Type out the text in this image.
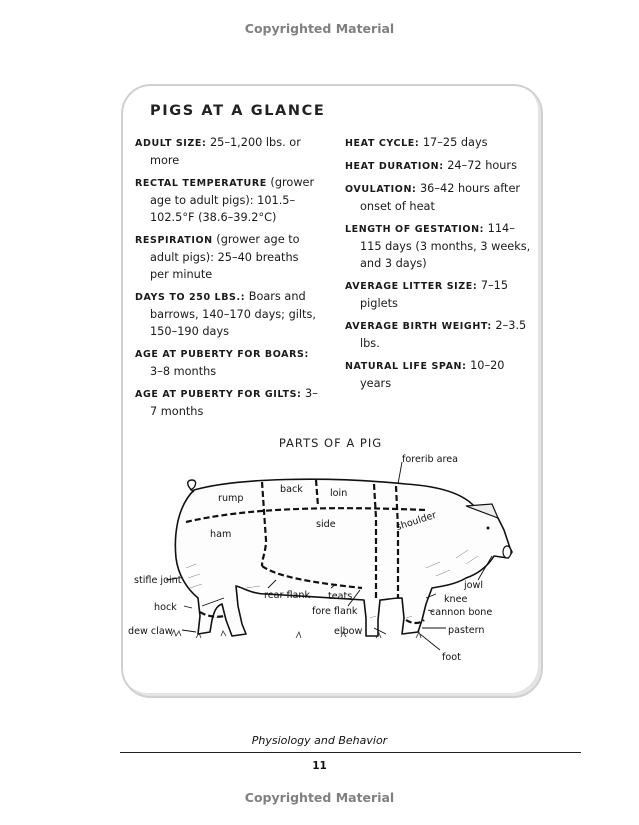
Copyrighted Material
PIGS AT A GLANCE
ADULT SIZE: 25–1,200 lbs. or more
RECTAL TEMPERATURE (grower age to adult pigs): 101.5–102.5°F (38.6–39.2°C)
RESPIRATION (grower age to adult pigs): 25–40 breaths per minute
DAYS TO 250 LBS.: Boars and barrows, 140–170 days; gilts, 150–190 days
AGE AT PUBERTY FOR BOARS: 3–8 months
AGE AT PUBERTY FOR GILTS: 3–7 months
HEAT CYCLE: 17–25 days
HEAT DURATION: 24–72 hours
OVULATION: 36–42 hours after onset of heat
LENGTH OF GESTATION: 114–115 days (3 months, 3 weeks, and 3 days)
AVERAGE LITTER SIZE: 7–15 piglets
AVERAGE BIRTH WEIGHT: 2–3.5 lbs.
NATURAL LIFE SPAN: 10–20 years
PARTS OF A PIG
forerib area
rump
back	loin
shoulder
ham
side
jowl
stifle joint
rear flank teats
fore flank
knee
cannon bone
hock
dew claw	elbow	pastern
foot
Physiology and Behavior
11
Copyrighted Material
